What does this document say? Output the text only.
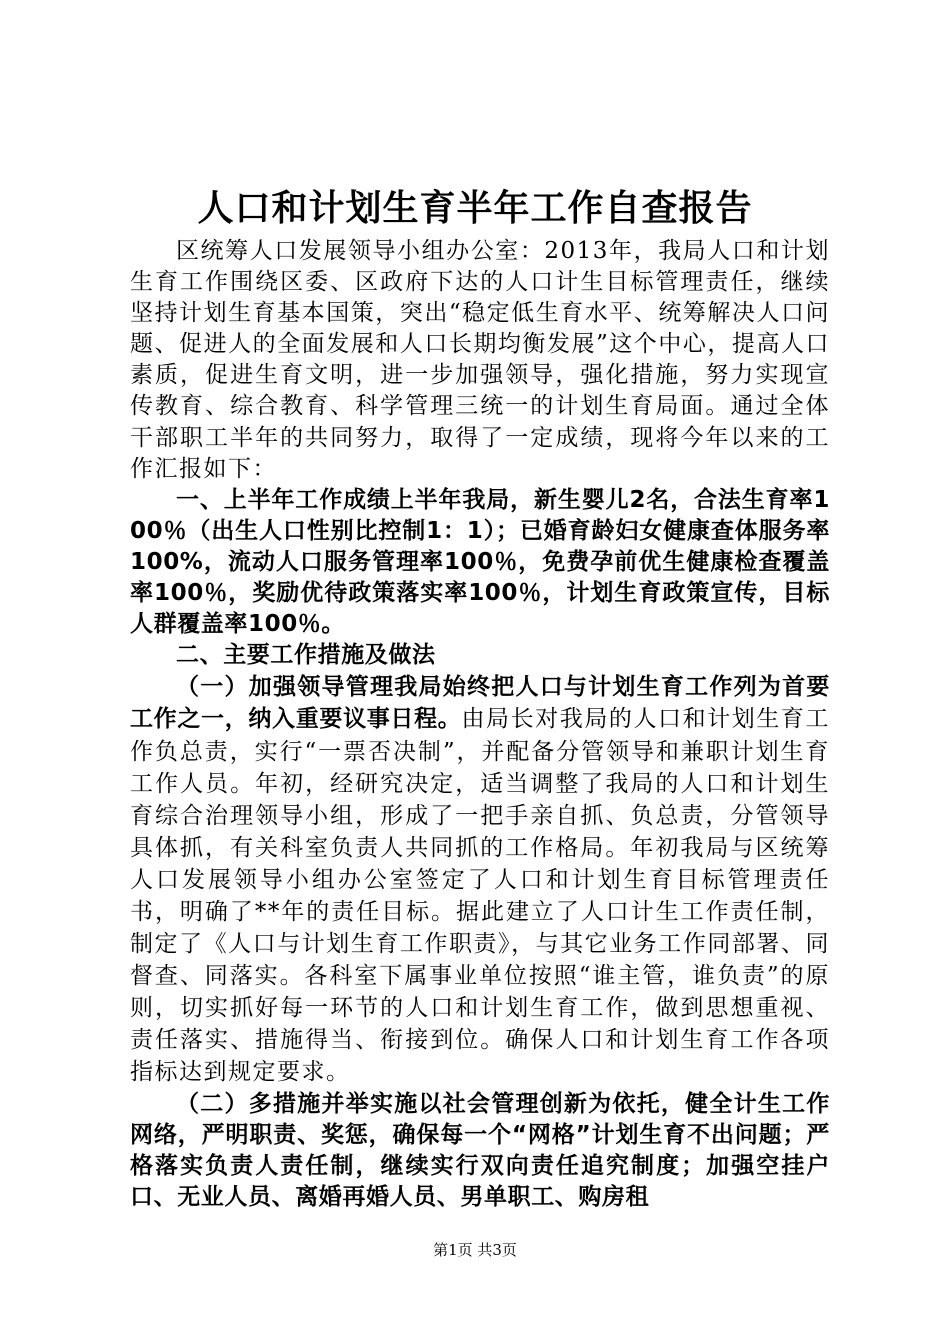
人口和计划生育半年工作自查报告

区统筹人口发展领导小组办公室：2013年，我局人口和计划生育工作围绕区委、区政府下达的人口计生目标管理责任，继续坚持计划生育基本国策，突出“稳定低生育水平、统筹解决人口问题、促进人的全面发展和人口长期均衡发展”这个中心，提高人口素质，促进生育文明，进一步加强领导，强化措施，努力实现宣传教育、综合教育、科学管理三统一的计划生育局面。通过全体干部职工半年的共同努力，取得了一定成绩，现将今年以来的工作汇报如下：

一、上半年工作成绩上半年我局，新生婴儿2名，合法生育率100％（出生人口性别比控制1：1）；已婚育龄妇女健康查体服务率100%，流动人口服务管理率100％，免费孕前优生健康检查覆盖率100％，奖励优待政策落实率100％，计划生育政策宣传，目标人群覆盖率100％。

二、主要工作措施及做法

（一）加强领导管理我局始终把人口与计划生育工作列为首要工作之一，纳入重要议事日程。由局长对我局的人口和计划生育工作负总责，实行“一票否决制”，并配备分管领导和兼职计划生育工作人员。年初，经研究决定，适当调整了我局的人口和计划生育综合治理领导小组，形成了一把手亲自抓、负总责，分管领导具体抓，有关科室负责人共同抓的工作格局。年初我局与区统筹人口发展领导小组办公室签定了人口和计划生育目标管理责任书，明确了**年的责任目标。据此建立了人口计生工作责任制，制定了《人口与计划生育工作职责》，与其它业务工作同部署、同督查、同落实。各科室下属事业单位按照“谁主管，谁负责”的原则，切实抓好每一环节的人口和计划生育工作，做到思想重视、责任落实、措施得当、衔接到位。确保人口和计划生育工作各项指标达到规定要求。

（二）多措施并举实施以社会管理创新为依托，健全计生工作网络，严明职责、奖惩，确保每一个“网格”计划生育不出问题；严格落实负责人责任制，继续实行双向责任追究制度；加强空挂户口、无业人员、离婚再婚人员、男单职工、购房租

第1页 共3页
